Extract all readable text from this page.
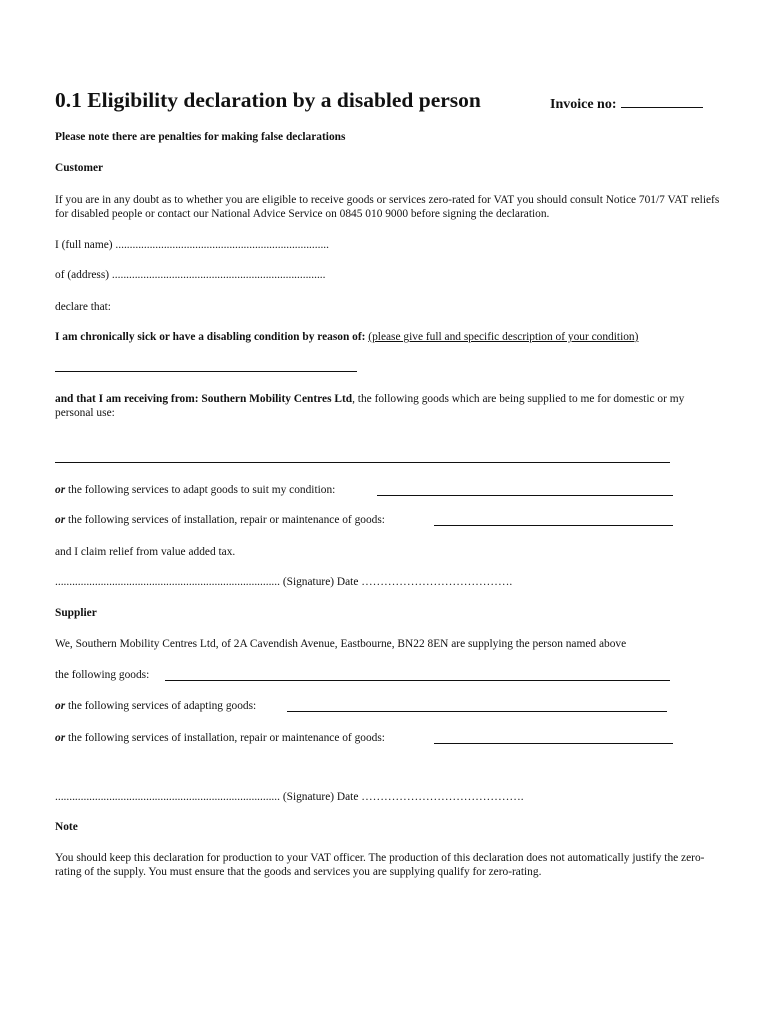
0.1 Eligibility declaration by a disabled person	Invoice no:
Please note there are penalties for making false declarations
Customer
If you are in any doubt as to whether you are eligible to receive goods or services zero-rated for VAT you should consult Notice 701/7 VAT reliefs for disabled people or contact our National Advice Service on 0845 010 9000 before signing the declaration.
I (full name) ...........................................................................
of (address) ...........................................................................
declare that:
I am chronically sick or have a disabling condition by reason of: (please give full and specific description of your condition)
and that I am receiving from: Southern Mobility Centres Ltd, the following goods which are being supplied to me for domestic or my personal use:
or the following services to adapt goods to suit my condition:
or the following services of installation, repair or maintenance of goods:
and I claim relief from value added tax.
............................................................................... (Signature) Date ………………………………….
Supplier
We, Southern Mobility Centres Ltd, of 2A Cavendish Avenue, Eastbourne, BN22 8EN are supplying the person named above
the following goods:
or the following services of adapting goods:
or the following services of installation, repair or maintenance of goods:
............................................................................... (Signature) Date …………………………………….
Note
You should keep this declaration for production to your VAT officer. The production of this declaration does not automatically justify the zero-rating of the supply. You must ensure that the goods and services you are supplying qualify for zero-rating.
